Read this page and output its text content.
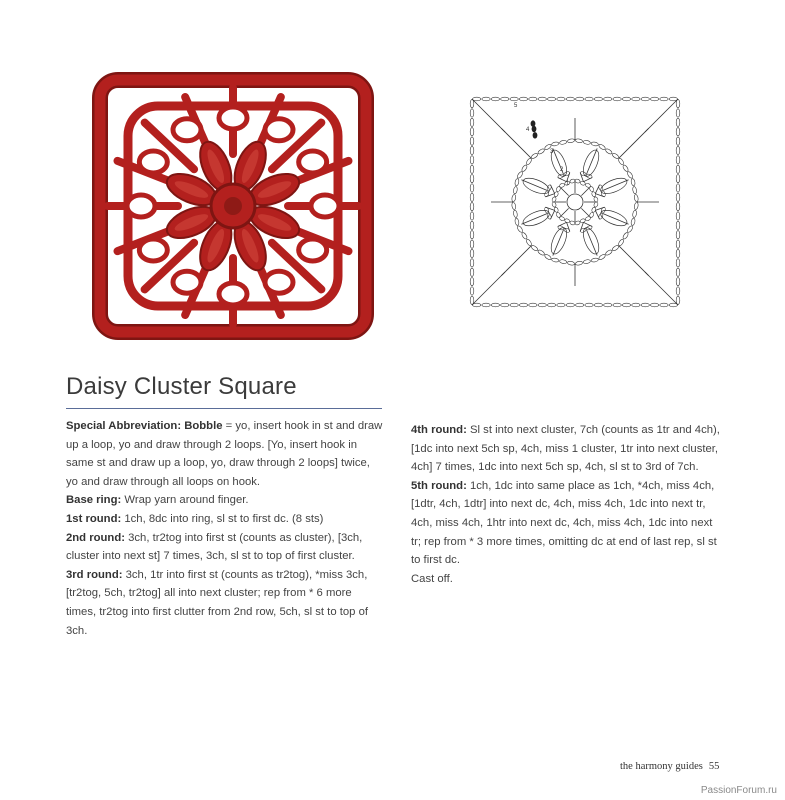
5
4
3
2
1
Daisy Cluster Square

Special Abbreviation: Bobble = yo, insert hook in st and draw up a loop, yo and draw through 2 loops. [Yo, insert hook in same st and draw up a loop, yo, draw through 2 loops] twice, yo and draw through all loops on hook.

Base ring: Wrap yarn around finger.

1st round: 1ch, 8dc into ring, sl st to first dc. (8 sts)

2nd round: 3ch, tr2tog into first st (counts as cluster), [3ch, cluster into next st] 7 times, 3ch, sl st to top of first cluster.

3rd round: 3ch, 1tr into first st (counts as tr2tog), *miss 3ch, [tr2tog, 5ch, tr2tog] all into next cluster; rep from * 6 more times, tr2tog into first clutter from 2nd row, 5ch, sl st to top of 3ch.

4th round: Sl st into next cluster, 7ch (counts as 1tr and 4ch), [1dc into next 5ch sp, 4ch, miss 1 cluster, 1tr into next cluster, 4ch] 7 times, 1dc into next 5ch sp, 4ch, sl st to 3rd of 7ch.

5th round: 1ch, 1dc into same place as 1ch, *4ch, miss 4ch, [1dtr, 4ch, 1dtr] into next dc, 4ch, miss 4ch, 1dc into next tr, 4ch, miss 4ch, 1htr into next dc, 4ch, miss 4ch, 1dc into next tr; rep from * 3 more times, omitting dc at end of last rep, sl st to first dc.

Cast off.

the harmony guides 55
PassionForum.ru
